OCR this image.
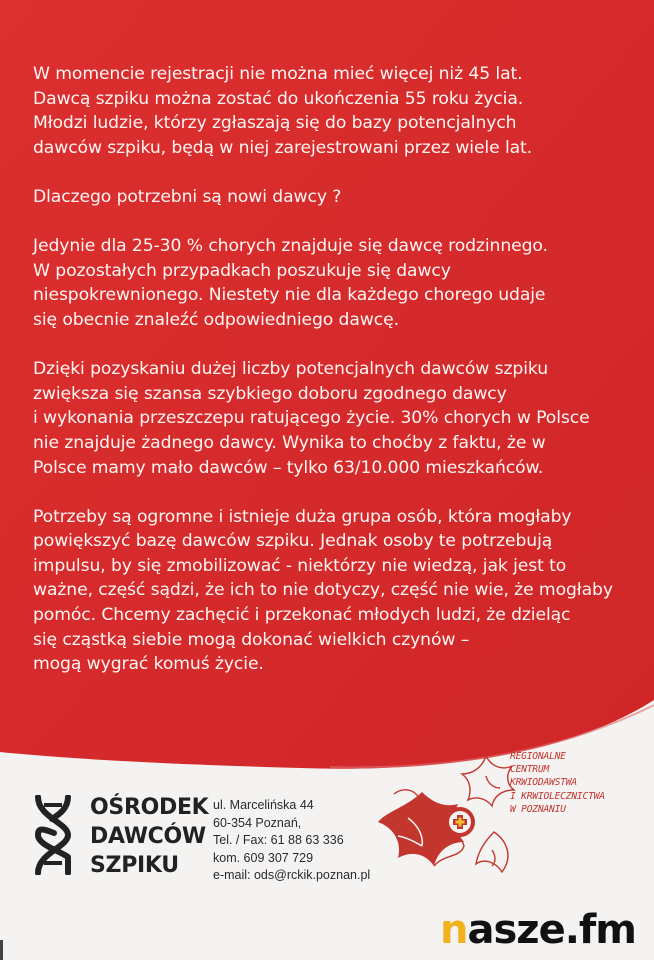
W momencie rejestracji nie można mieć więcej niż 45 lat.
Dawcą szpiku można zostać do ukończenia 55 roku życia.
Młodzi ludzie, którzy zgłaszają się do bazy potencjalnych
dawców szpiku, będą w niej zarejestrowani przez wiele lat.

Dlaczego potrzebni są nowi dawcy ?

Jedynie dla 25-30 % chorych znajduje się dawcę rodzinnego.
W pozostałych przypadkach poszukuje się dawcy
niespokrewnionego. Niestety nie dla każdego chorego udaje
się obecnie znaleźć odpowiedniego dawcę.

Dzięki pozyskaniu dużej liczby potencjalnych dawców szpiku
zwiększa się szansa szybkiego doboru zgodnego dawcy
i wykonania przeszczepu ratującego życie. 30% chorych w Polsce
nie znajduje żadnego dawcy. Wynika to choćby z faktu, że w
Polsce mamy mało dawców – tylko 63/10.000 mieszkańców.

Potrzeby są ogromne i istnieje duża grupa osób, która mogłaby
powiększyć bazę dawców szpiku. Jednak osoby te potrzebują
impulsu, by się zmobilizować - niektórzy nie wiedzą, jak jest to
ważne, część sądzi, że ich to nie dotyczy, część nie wie, że mogłaby
pomóc. Chcemy zachęcić i przekonać młodych ludzi, że dzieląc
się cząstką siebie mogą dokonać wielkich czynów –
mogą wygrać komuś życie.

OŚRODEK
DAWCÓW
SZPIKU
ul. Marcelińska 44
60-354 Poznań,
Tel. / Fax: 61 88 63 336
kom. 609 307 729
e-mail: ods@rckik.poznan.pl
REGIONALNE
CENTRUM
KRWIODAWSTWA
I KRWIOLECZNICTWA
W POZNANIU
nasze.fm
